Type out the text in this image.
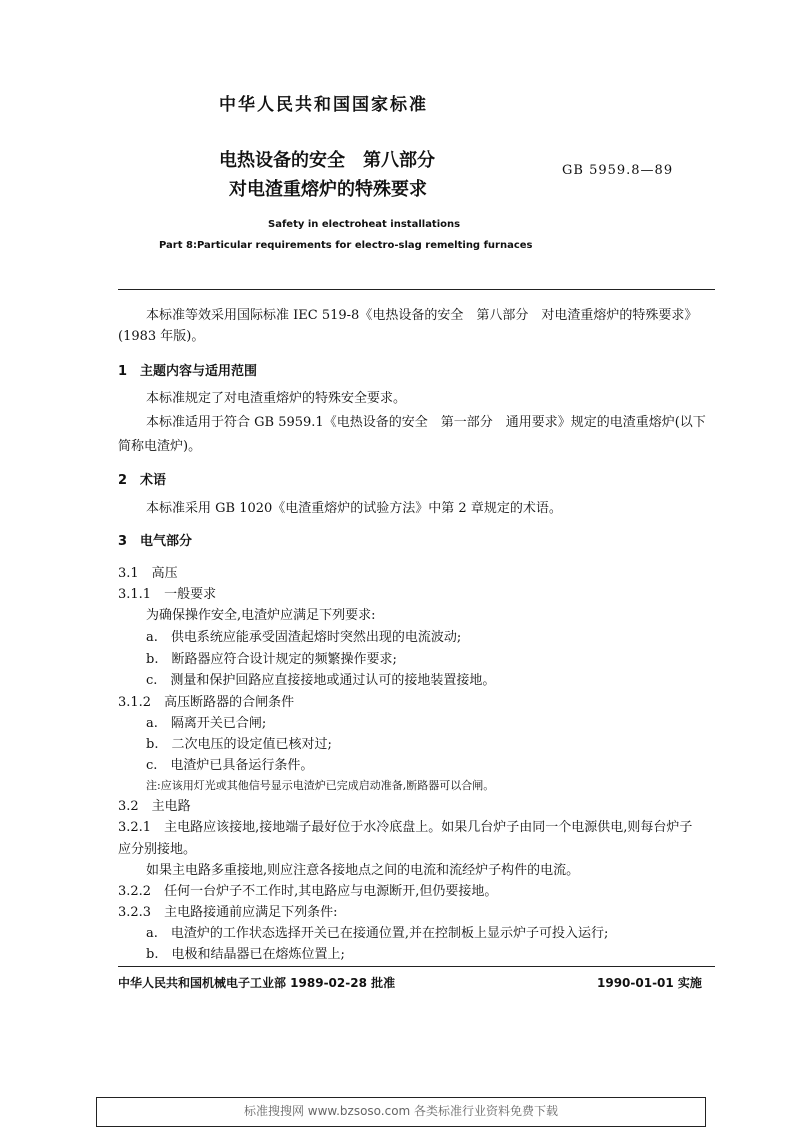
中华人民共和国国家标准
电热设备的安全　第八部分
对电渣重熔炉的特殊要求
GB 5959.8—89
Safety in electroheat installations
Part 8:Particular requirements for electro-slag remelting furnaces
本标准等效采用国际标准 IEC 519-8《电热设备的安全　第八部分　对电渣重熔炉的特殊要求》
(1983 年版)。
1　主题内容与适用范围
本标准规定了对电渣重熔炉的特殊安全要求。
本标准适用于符合 GB 5959.1《电热设备的安全　第一部分　通用要求》规定的电渣重熔炉(以下
简称电渣炉)。
2　术语
本标准采用 GB 1020《电渣重熔炉的试验方法》中第 2 章规定的术语。
3　电气部分
3.1　高压
3.1.1　一般要求
为确保操作安全,电渣炉应满足下列要求:
a.　供电系统应能承受固渣起熔时突然出现的电流波动;
b.　断路器应符合设计规定的频繁操作要求;
c.　测量和保护回路应直接接地或通过认可的接地装置接地。
3.1.2　高压断路器的合闸条件
a.　隔离开关已合闸;
b.　二次电压的设定值已核对过;
c.　电渣炉已具备运行条件。
注:应该用灯光或其他信号显示电渣炉已完成启动准备,断路器可以合闸。
3.2　主电路
3.2.1　主电路应该接地,接地端子最好位于水冷底盘上。如果几台炉子由同一个电源供电,则每台炉子
应分别接地。
如果主电路多重接地,则应注意各接地点之间的电流和流经炉子构件的电流。
3.2.2　任何一台炉子不工作时,其电路应与电源断开,但仍要接地。
3.2.3　主电路接通前应满足下列条件:
a.　电渣炉的工作状态选择开关已在接通位置,并在控制板上显示炉子可投入运行;
b.　电极和结晶器已在熔炼位置上;
中华人民共和国机械电子工业部 1989-02-28 批准	1990-01-01 实施
标准搜搜网 www.bzsoso.com 各类标准行业资料免费下载
